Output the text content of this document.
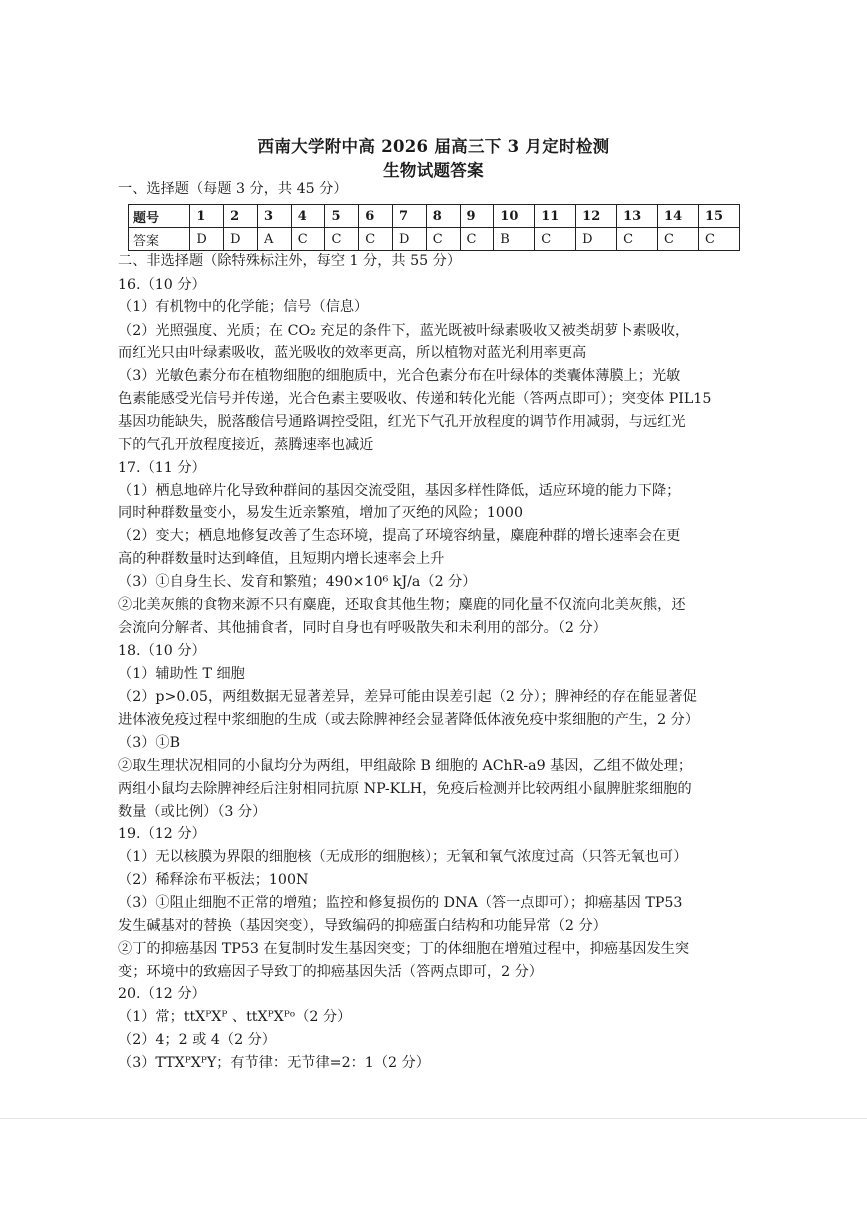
西南大学附中高 2026 届高三下 3 月定时检测
生物试题答案
一、选择题（每题 3 分，共 45 分）
题号	1	2	3	4	5	6	7	8	9	10	11	12	13	14	15
答案	D	D	A	C	C	C	D	C	C	B	C	D	C	C	C
二、非选择题（除特殊标注外，每空 1 分，共 55 分）
16.（10 分）
（1）有机物中的化学能；信号（信息）
（2）光照强度、光质；在 CO₂ 充足的条件下，蓝光既被叶绿素吸收又被类胡萝卜素吸收，
而红光只由叶绿素吸收，蓝光吸收的效率更高，所以植物对蓝光利用率更高
（3）光敏色素分布在植物细胞的细胞质中，光合色素分布在叶绿体的类囊体薄膜上；光敏
色素能感受光信号并传递，光合色素主要吸收、传递和转化光能（答两点即可）；突变体 PIL15
基因功能缺失，脱落酸信号通路调控受阻，红光下气孔开放程度的调节作用减弱，与远红光
下的气孔开放程度接近，蒸腾速率也减近
17.（11 分）
（1）栖息地碎片化导致种群间的基因交流受阻，基因多样性降低，适应环境的能力下降；
同时种群数量变小，易发生近亲繁殖，增加了灭绝的风险；1000
（2）变大；栖息地修复改善了生态环境，提高了环境容纳量，麋鹿种群的增长速率会在更
高的种群数量时达到峰值，且短期内增长速率会上升
（3）①自身生长、发育和繁殖；490×10⁶ kJ/a（2 分）
②北美灰熊的食物来源不只有麋鹿，还取食其他生物；麋鹿的同化量不仅流向北美灰熊，还
会流向分解者、其他捕食者，同时自身也有呼吸散失和未利用的部分。（2 分）
18.（10 分）
（1）辅助性 T 细胞
（2）p>0.05，两组数据无显著差异，差异可能由误差引起（2 分）；脾神经的存在能显著促
进体液免疫过程中浆细胞的生成（或去除脾神经会显著降低体液免疫中浆细胞的产生，2 分）
（3）①B
②取生理状况相同的小鼠均分为两组，甲组敲除 B 细胞的 AChR-a9 基因，乙组不做处理；
两组小鼠均去除脾神经后注射相同抗原 NP-KLH，免疫后检测并比较两组小鼠脾脏浆细胞的
数量（或比例）（3 分）
19.（12 分）
（1）无以核膜为界限的细胞核（无成形的细胞核）；无氧和氧气浓度过高（只答无氧也可）
（2）稀释涂布平板法；100N
（3）①阻止细胞不正常的增殖；监控和修复损伤的 DNA（答一点即可）；抑癌基因 TP53
发生碱基对的替换（基因突变），导致编码的抑癌蛋白结构和功能异常（2 分）
②丁的抑癌基因 TP53 在复制时发生基因突变；丁的体细胞在增殖过程中，抑癌基因发生突
变；环境中的致癌因子导致丁的抑癌基因失活（答两点即可，2 分）
20.（12 分）
（1）常；ttXᴾXᴾ 、ttXᴾXᴾᵒ（2 分）
（2）4；2 或 4（2 分）
（3）TTXᴾXᴾY；有节律：无节律=2：1（2 分）
